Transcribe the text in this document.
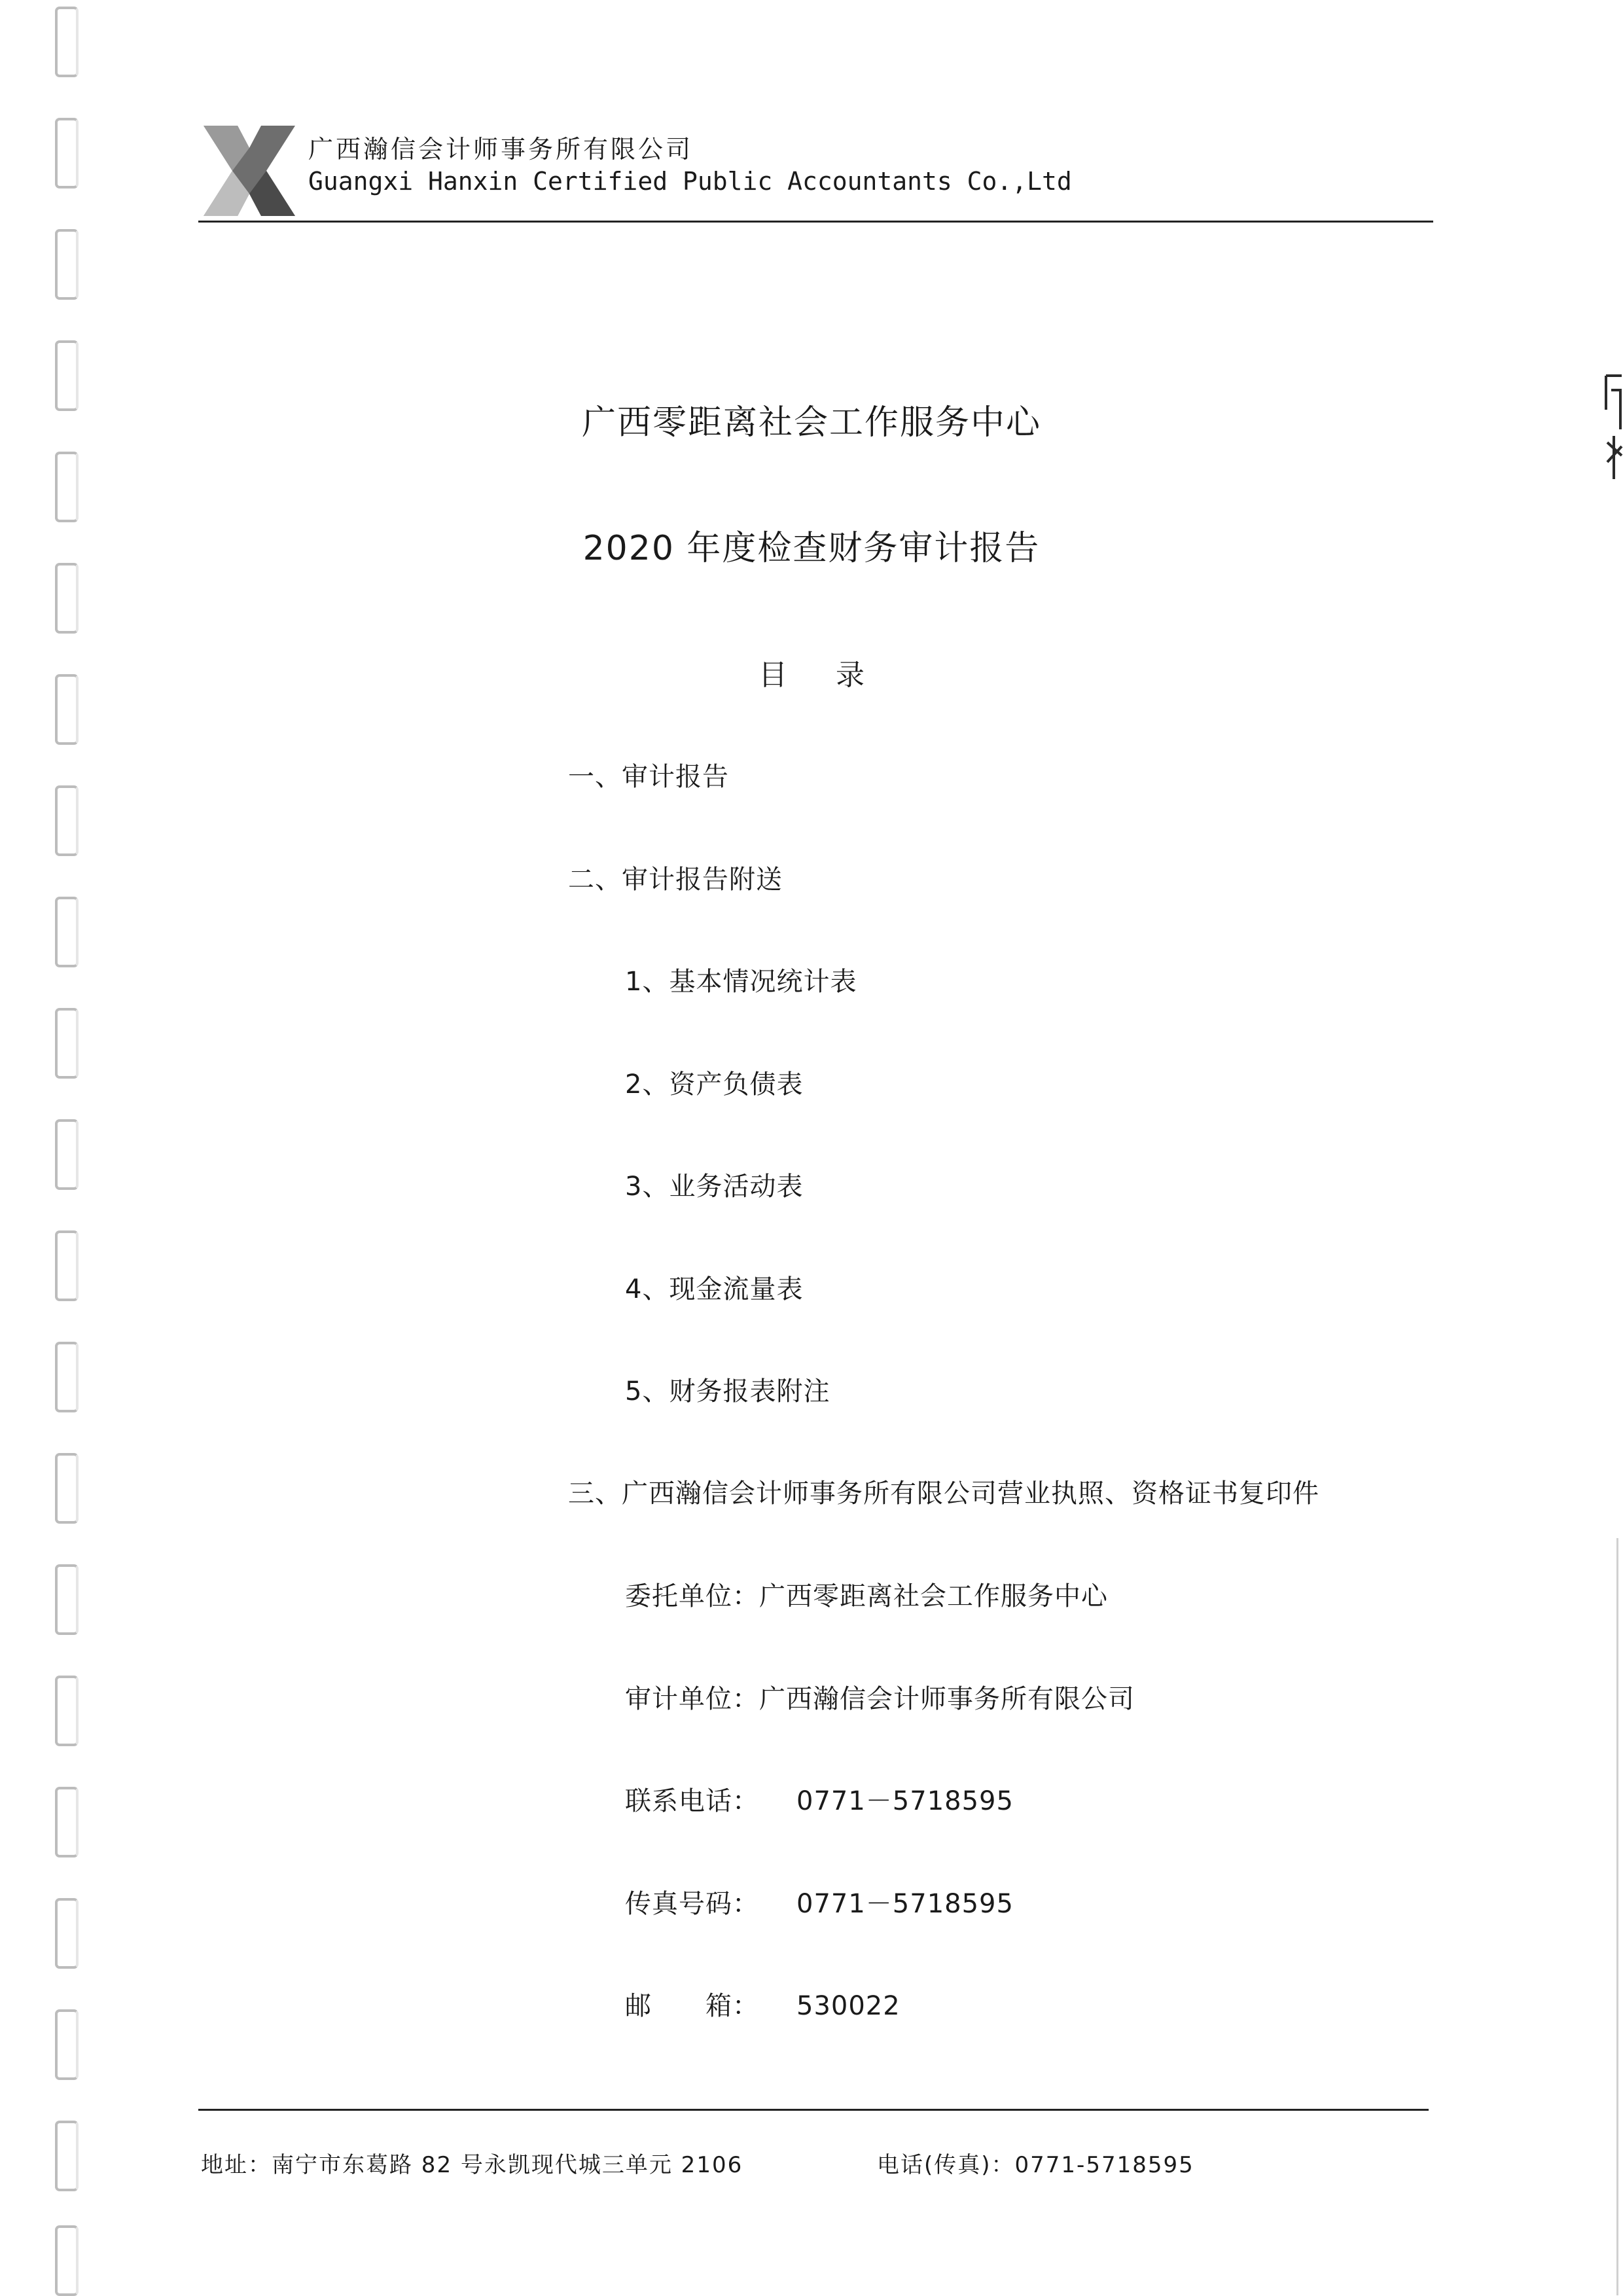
广西瀚信会计师事务所有限公司
Guangxi Hanxin Certified Public Accountants Co.,Ltd
广西零距离社会工作服务中心
2020 年度检查财务审计报告
目 录
一、审计报告
二、审计报告附送
1、基本情况统计表
2、资产负债表
3、业务活动表
4、现金流量表
5、财务报表附注
三、广西瀚信会计师事务所有限公司营业执照、资格证书复印件
委托单位：广西零距离社会工作服务中心
审计单位：广西瀚信会计师事务所有限公司
联系电话： 0771－5718595
传真号码： 0771－5718595
邮　　箱： 530022
地址：南宁市东葛路 82 号永凯现代城三单元 2106	电话(传真)：0771-5718595
